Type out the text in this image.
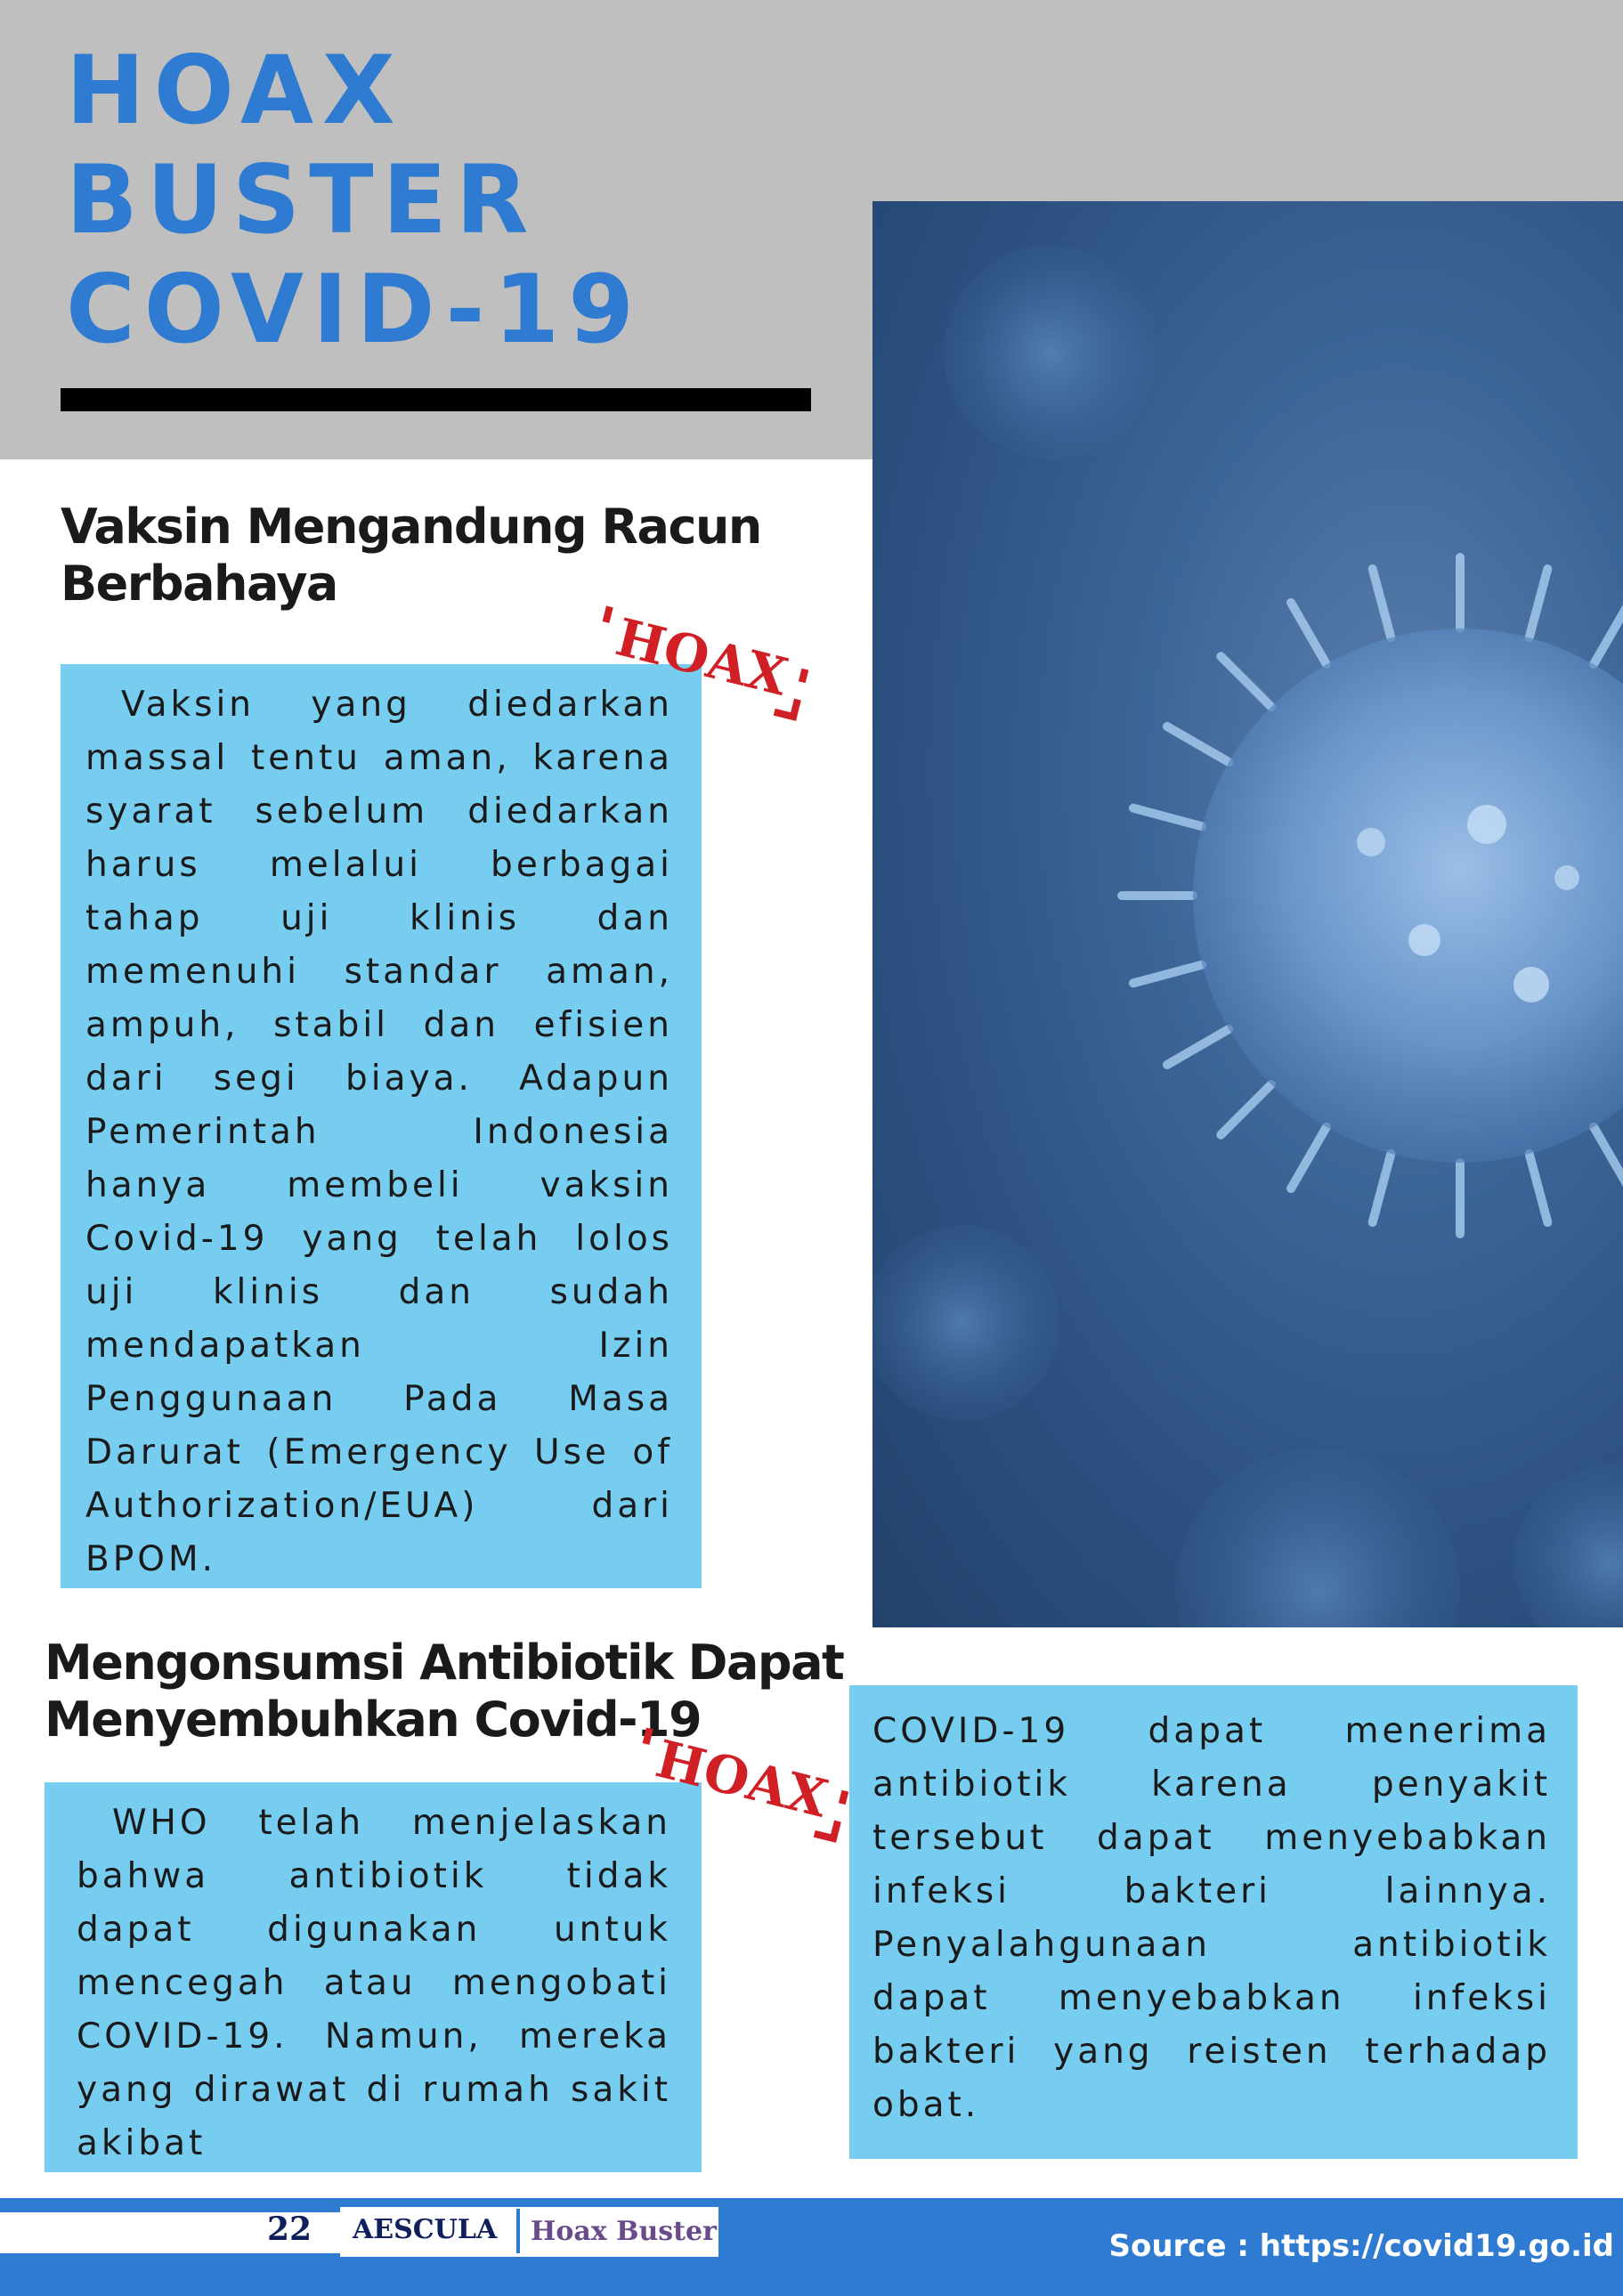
HOAX
BUSTER
COVID-19
Vaksin Mengandung Racun
Berbahaya

Vaksin yang diedarkan massal tentu aman, karena syarat sebelum diedarkan harus melalui berbagai tahap uji klinis dan memenuhi standar aman, ampuh, stabil dan efisien dari segi biaya. Adapun Pemerintah Indonesia hanya membeli vaksin Covid-19 yang telah lolos uji klinis dan sudah mendapatkan Izin Penggunaan Pada Masa Darurat (Emergency Use of Authorization/EUA) dari BPOM.

HOAX
Mengonsumsi Antibiotik Dapat
Menyembuhkan Covid-19

WHO telah menjelaskan bahwa antibiotik tidak dapat digunakan untuk mencegah atau mengobati COVID-19. Namun, mereka yang dirawat di rumah sakit akibat

COVID-19 dapat menerima antibiotik karena penyakit tersebut dapat menyebabkan infeksi bakteri lainnya. Penyalahgunaan antibiotik dapat menyebabkan infeksi bakteri yang reisten terhadap obat.

HOAX
22 AESCULA Hoax Buster	Source : https://covid19.go.id
